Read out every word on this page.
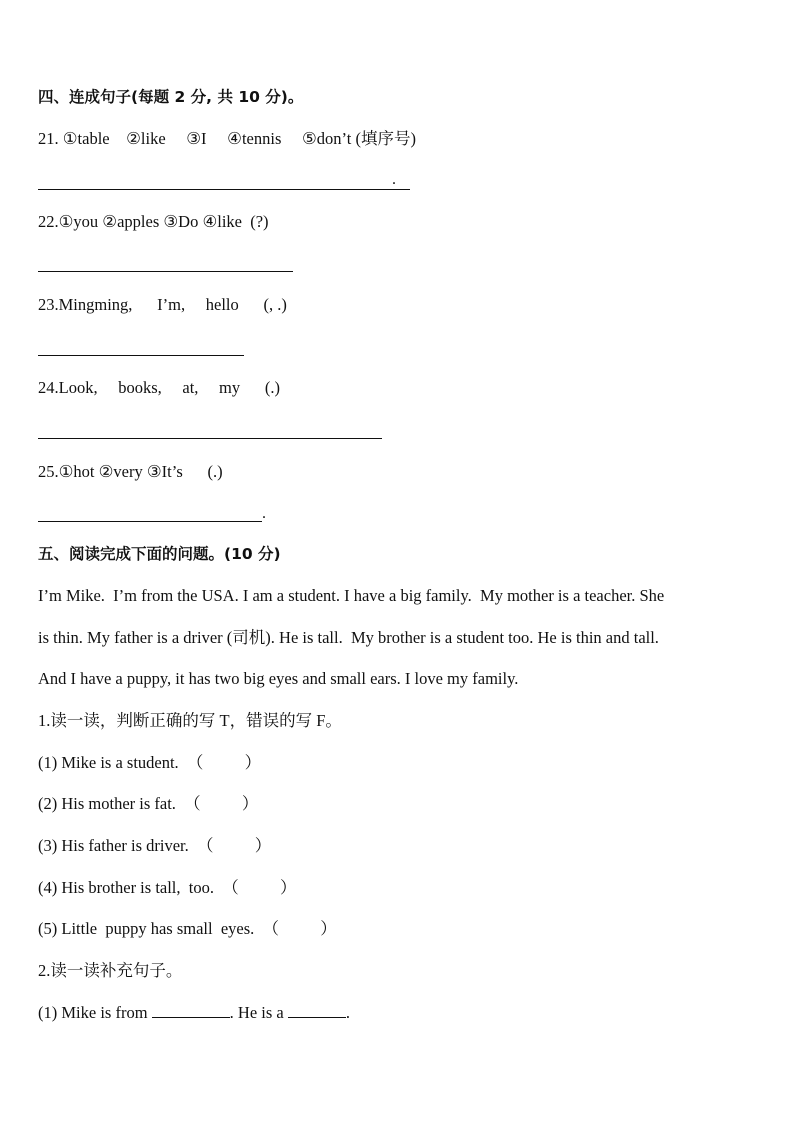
四、连成句子(每题 2 分, 共 10 分)。
21. ①table    ②like     ③I     ④tennis     ⑤don’t (填序号)
.
22.①you ②apples ③Do ④like  (?)
23.Mingming,      I’m,     hello      (, .)
24.Look,     books,     at,     my      (.)
25.①hot ②very ③It’s      (.)
.
五、阅读完成下面的问题。(10 分)
I’m Mike.  I’m from the USA. I am a student. I have a big family.  My mother is a teacher. She
is thin. My father is a driver (司机). He is tall.  My brother is a student too. He is thin and tall.
And I have a puppy, it has two big eyes and small ears. I love my family.
1.读一读，判断正确的写 T，错误的写 F。
(1) Mike is a student.  （          ）
(2) His mother is fat.  （          ）
(3) His father is driver.  （          ）
(4) His brother is tall,  too.  （          ）
(5) Little  puppy has small  eyes.  （          ）
2.读一读补充句子。
(1) Mike is from	. He is a	.
